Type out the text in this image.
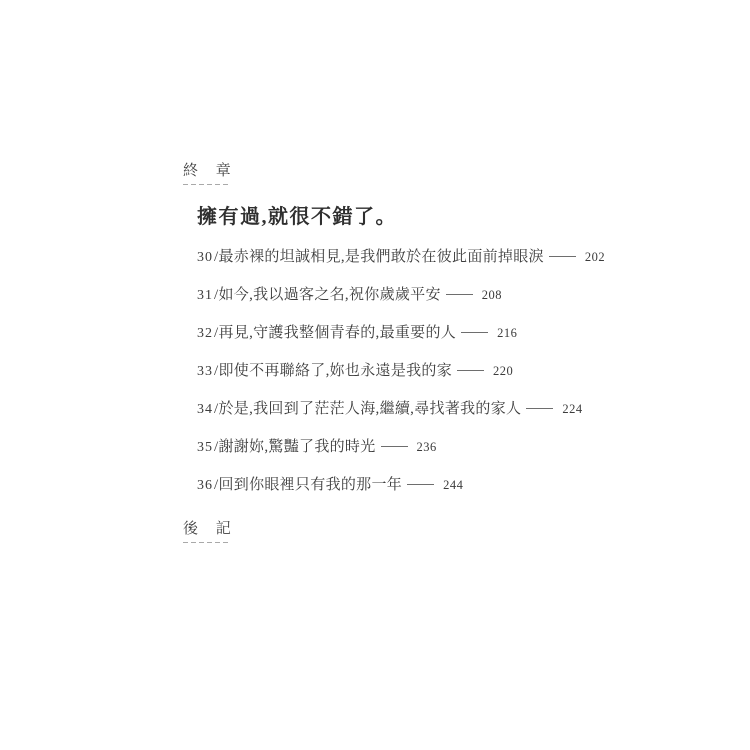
終 章
擁有過,就很不錯了。
30/最赤裸的坦誠相見,是我們敢於在彼此面前掉眼淚	202
31/如今,我以過客之名,祝你歲歲平安	208
32/再見,守護我整個青春的,最重要的人	216
33/即使不再聯絡了,妳也永遠是我的家	220
34/於是,我回到了茫茫人海,繼續,尋找著我的家人	224
35/謝謝妳,驚豔了我的時光	236
36/回到你眼裡只有我的那一年	244
後 記
